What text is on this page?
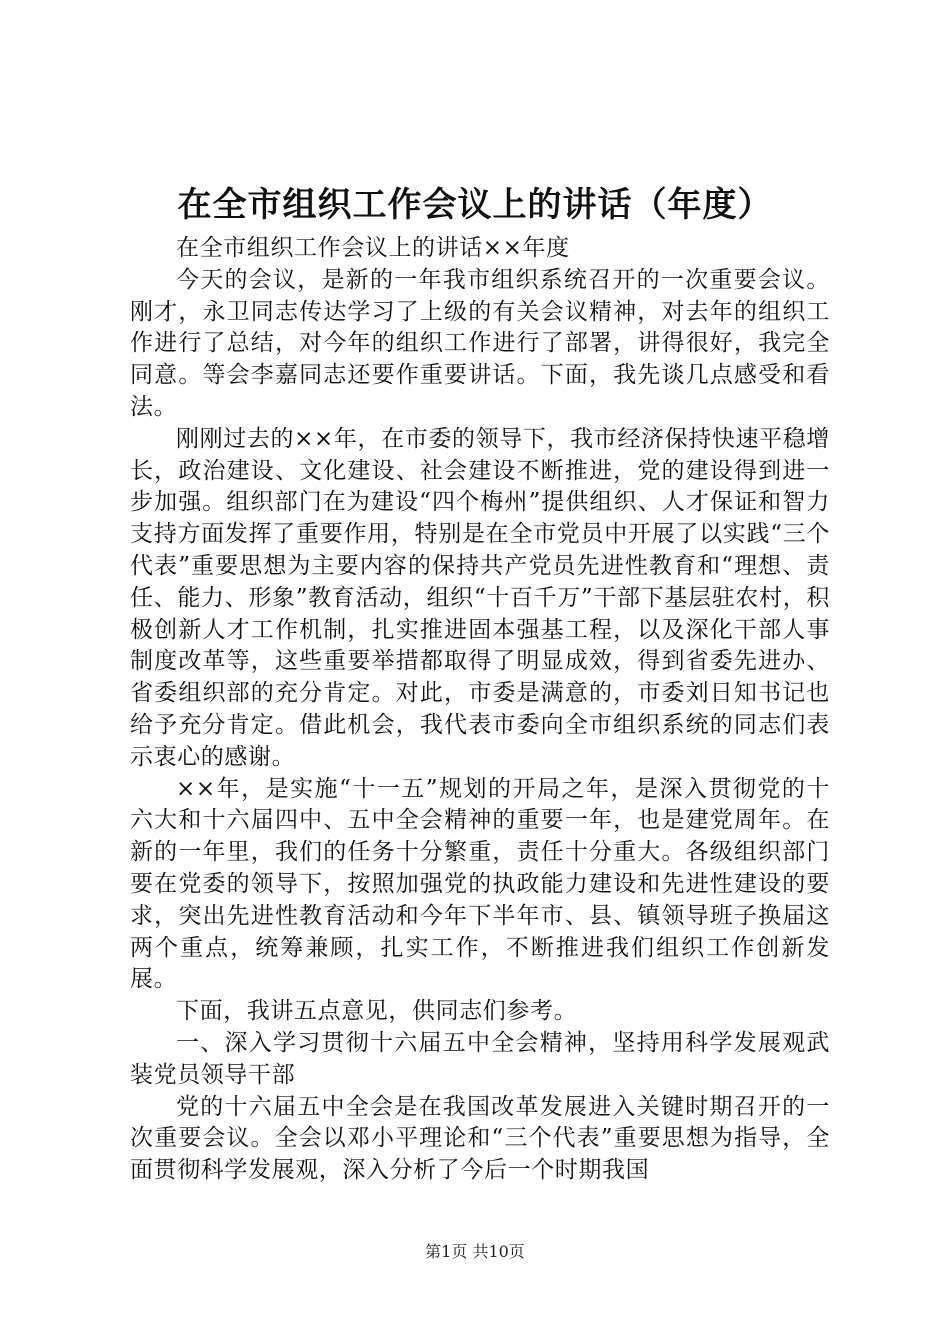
在全市组织工作会议上的讲话（年度）

在全市组织工作会议上的讲话××年度

今天的会议，是新的一年我市组织系统召开的一次重要会议。刚才，永卫同志传达学习了上级的有关会议精神，对去年的组织工作进行了总结，对今年的组织工作进行了部署，讲得很好，我完全同意。等会李嘉同志还要作重要讲话。下面，我先谈几点感受和看法。

刚刚过去的××年，在市委的领导下，我市经济保持快速平稳增长，政治建设、文化建设、社会建设不断推进，党的建设得到进一步加强。组织部门在为建设“四个梅州”提供组织、人才保证和智力支持方面发挥了重要作用，特别是在全市党员中开展了以实践“三个代表”重要思想为主要内容的保持共产党员先进性教育和“理想、责任、能力、形象”教育活动，组织“十百千万”干部下基层驻农村，积极创新人才工作机制，扎实推进固本强基工程，以及深化干部人事制度改革等，这些重要举措都取得了明显成效，得到省委先进办、省委组织部的充分肯定。对此，市委是满意的，市委刘日知书记也给予充分肯定。借此机会，我代表市委向全市组织系统的同志们表示衷心的感谢。

××年，是实施“十一五”规划的开局之年，是深入贯彻党的十六大和十六届四中、五中全会精神的重要一年，也是建党周年。在新的一年里，我们的任务十分繁重，责任十分重大。各级组织部门要在党委的领导下，按照加强党的执政能力建设和先进性建设的要求，突出先进性教育活动和今年下半年市、县、镇领导班子换届这两个重点，统筹兼顾，扎实工作，不断推进我们组织工作创新发展。

下面，我讲五点意见，供同志们参考。

一、深入学习贯彻十六届五中全会精神，坚持用科学发展观武装党员领导干部

党的十六届五中全会是在我国改革发展进入关键时期召开的一次重要会议。全会以邓小平理论和“三个代表”重要思想为指导，全面贯彻科学发展观，深入分析了今后一个时期我国

第1页 共10页
